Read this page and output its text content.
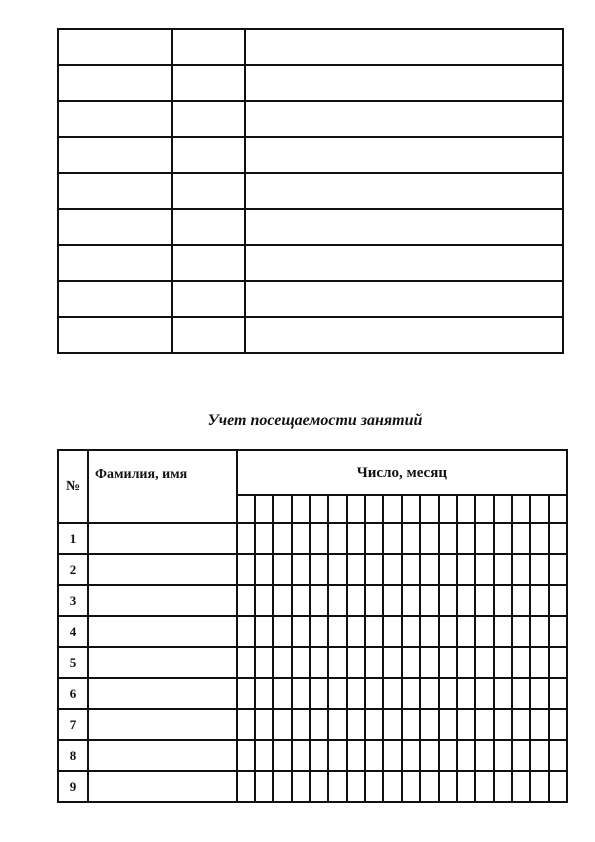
Учет посещаемости занятий
№	Фамилия, имя	Число, месяц																	

1																			
2																			
3																			
4																			
5																			
6																			
7																			
8																			
9																			
